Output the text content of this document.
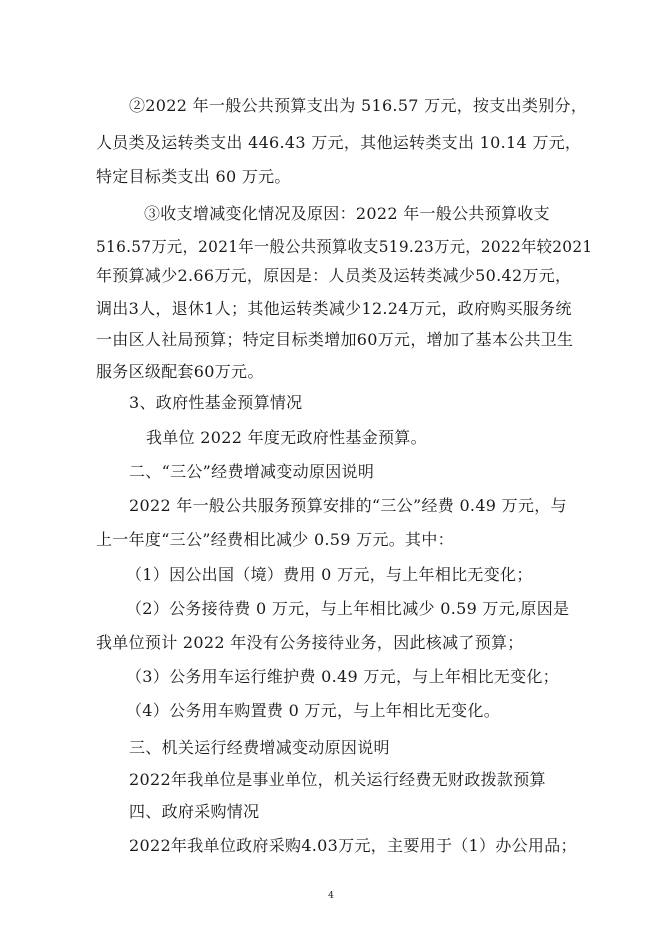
②2022 年一般公共预算支出为 516.57 万元，按支出类别分，
人员类及运转类支出 446.43 万元，其他运转类支出 10.14 万元，
特定目标类支出 60 万元。
③收支增减变化情况及原因：2022 年一般公共预算收支
516.57万元，2021年一般公共预算收支519.23万元，2022年较2021
年预算减少2.66万元，原因是：人员类及运转类减少50.42万元，
调出3人，退休1人；其他运转类减少12.24万元，政府购买服务统
一由区人社局预算；特定目标类增加60万元，增加了基本公共卫生
服务区级配套60万元。
3、政府性基金预算情况
我单位 2022 年度无政府性基金预算。
二、“三公”经费增减变动原因说明
2022 年一般公共服务预算安排的“三公”经费 0.49 万元，与
上一年度“三公”经费相比减少 0.59 万元。其中：
（1）因公出国（境）费用 0 万元，与上年相比无变化；
（2）公务接待费 0 万元，与上年相比减少 0.59 万元,原因是
我单位预计 2022 年没有公务接待业务，因此核减了预算；
（3）公务用车运行维护费 0.49 万元，与上年相比无变化；
（4）公务用车购置费 0 万元，与上年相比无变化。
三、机关运行经费增减变动原因说明
2022年我单位是事业单位，机关运行经费无财政拨款预算
四、政府采购情况
2022年我单位政府采购4.03万元，主要用于（1）办公用品；
4
